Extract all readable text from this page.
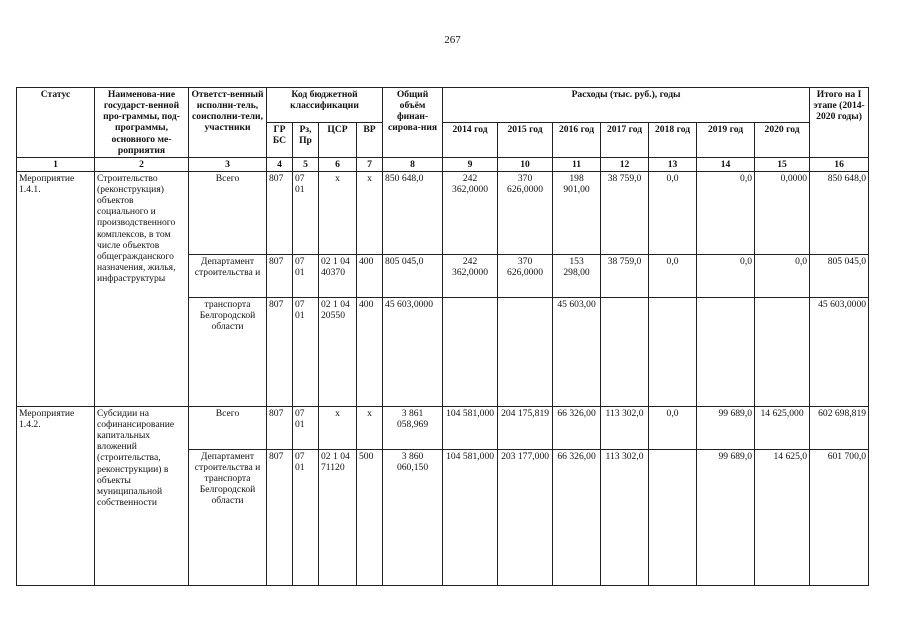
267
Статус	Наименова-ние государст-венной про-граммы, под-программы, основного ме-роприятия	Ответст-венный исполни-тель, соисполни-тели, участники	Код бюджетной классификации				Общий объём финан-сирова-ния	Расходы (тыс. руб.), годы							Итого на I этапе (2014-2020 годы)
			ГР БС	Рз, Пр	ЦСР	ВР		2014 год	2015 год	2016 год	2017 год	2018 год	2019 год	2020 год	
1	2	3	4	5	6	7	8	9	10	11	12	13	14	15	16
Мероприятие 1.4.1.	Строительство (реконструкция) объектов социального и производственного комплексов, в том числе объектов общегражданского назначения, жилья, инфраструктуры	Всего	807	07 01	х	х	850 648,0	242 362,0000	370 626,0000	198 901,00	38 759,0	0,0	0,0	0,0000	850 648,0
		Департамент строительства и	807	07 01	02 1 04 40370	400	805 045,0	242 362,0000	370 626,0000	153 298,00	38 759,0	0,0	0,0	0,0	805 045,0
		транспорта Белгородской области	807	07 01	02 1 04 20550	400	45 603,0000			45 603,00					45 603,0000
Мероприятие 1.4.2.	Субсидии на софинансирование капитальных вложений (строительства, реконструкции) в объекты муниципальной собственности	Всего	807	07 01	х	х	3 861 058,969	104 581,000	204 175,819	66 326,00	113 302,0	0,0	99 689,0	14 625,000	602 698,819
		Департамент строительства и транспорта Белгородской области	807	07 01	02 1 04 71120	500	3 860 060,150	104 581,000	203 177,000	66 326,00	113 302,0		99 689,0	14 625,0	601 700,0
